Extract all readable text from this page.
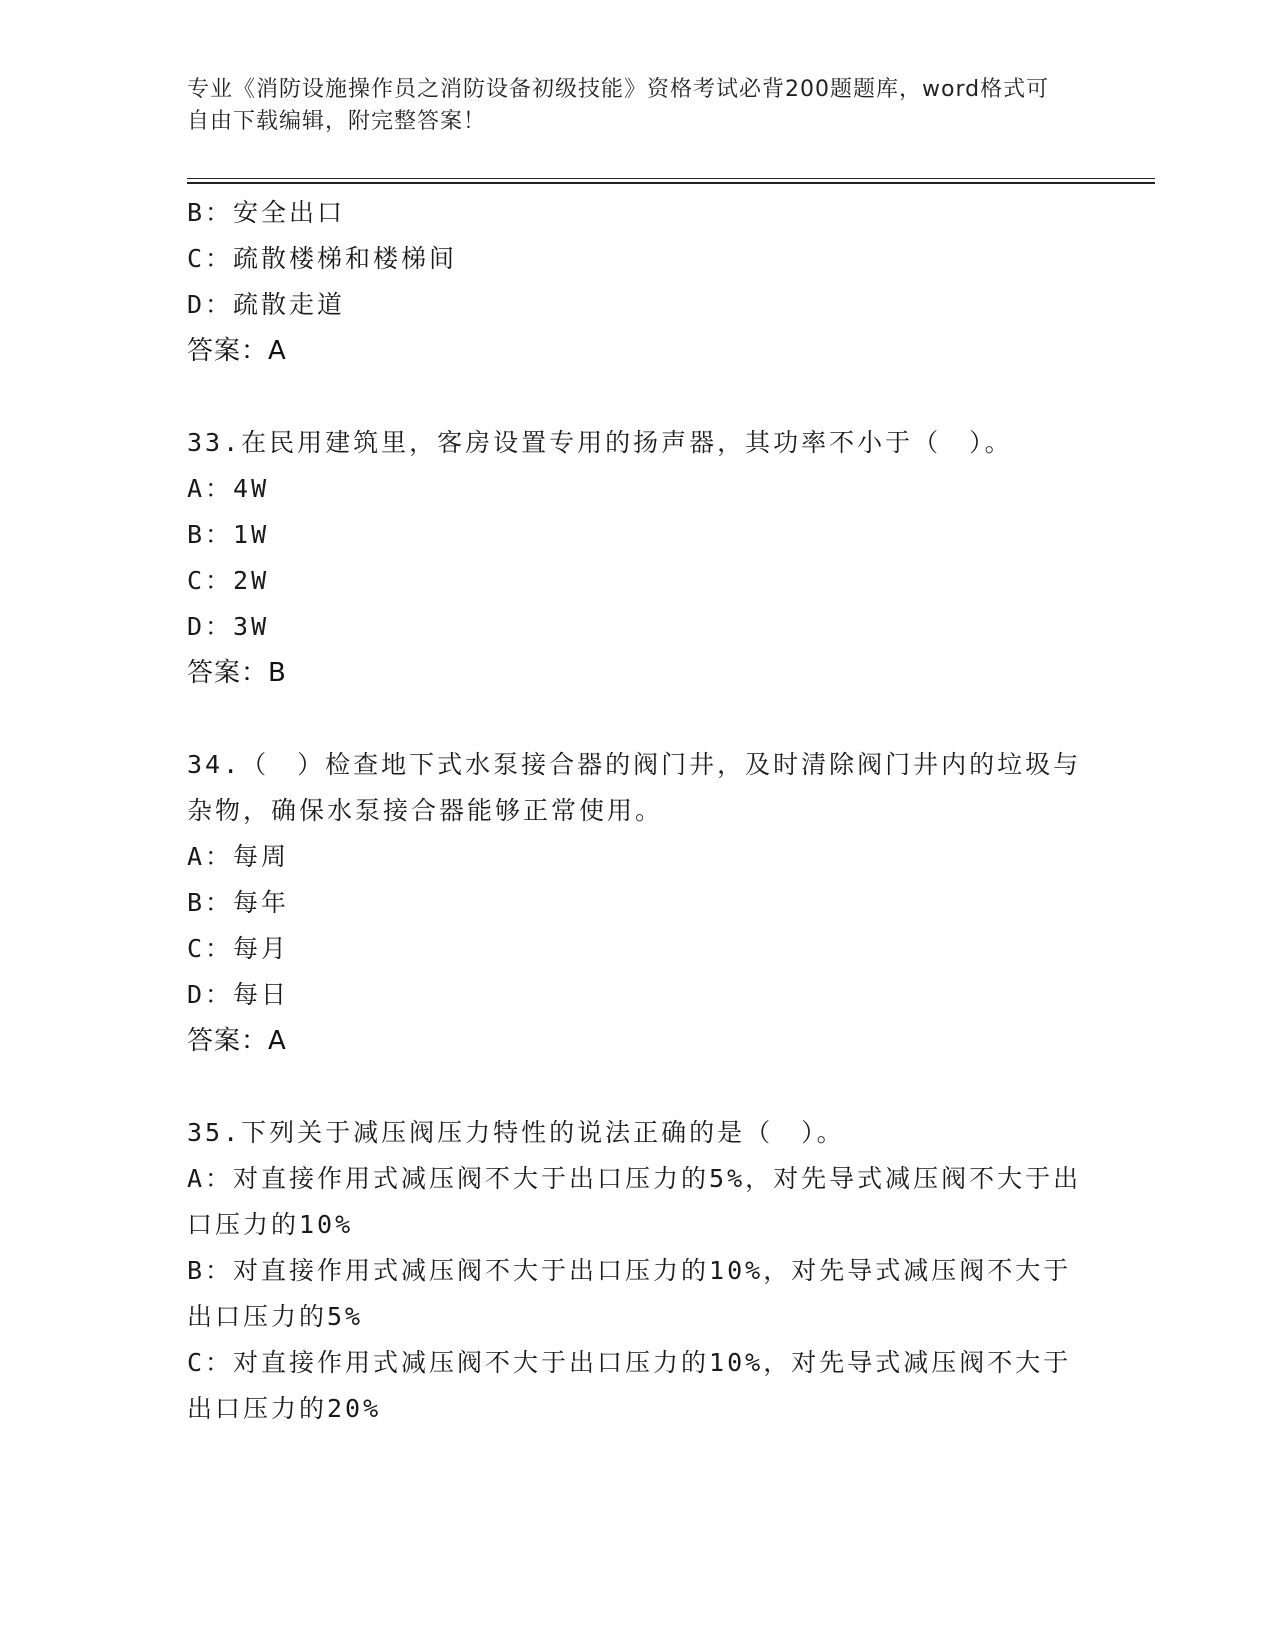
专业《消防设施操作员之消防设备初级技能》资格考试必背200题题库，word格式可自由下载编辑，附完整答案！
B：安全出口
C：疏散楼梯和楼梯间
D：疏散走道
答案：A
33.在民用建筑里，客房设置专用的扬声器，其功率不小于（　）。
A：4W
B：1W
C：2W
D：3W
答案：B
34.（　）检查地下式水泵接合器的阀门井，及时清除阀门井内的垃圾与杂物，确保水泵接合器能够正常使用。
A：每周
B：每年
C：每月
D：每日
答案：A
35.下列关于减压阀压力特性的说法正确的是（　）。
A：对直接作用式减压阀不大于出口压力的5%，对先导式减压阀不大于出口压力的10%
B：对直接作用式减压阀不大于出口压力的10%，对先导式减压阀不大于出口压力的5%
C：对直接作用式减压阀不大于出口压力的10%，对先导式减压阀不大于出口压力的20%
